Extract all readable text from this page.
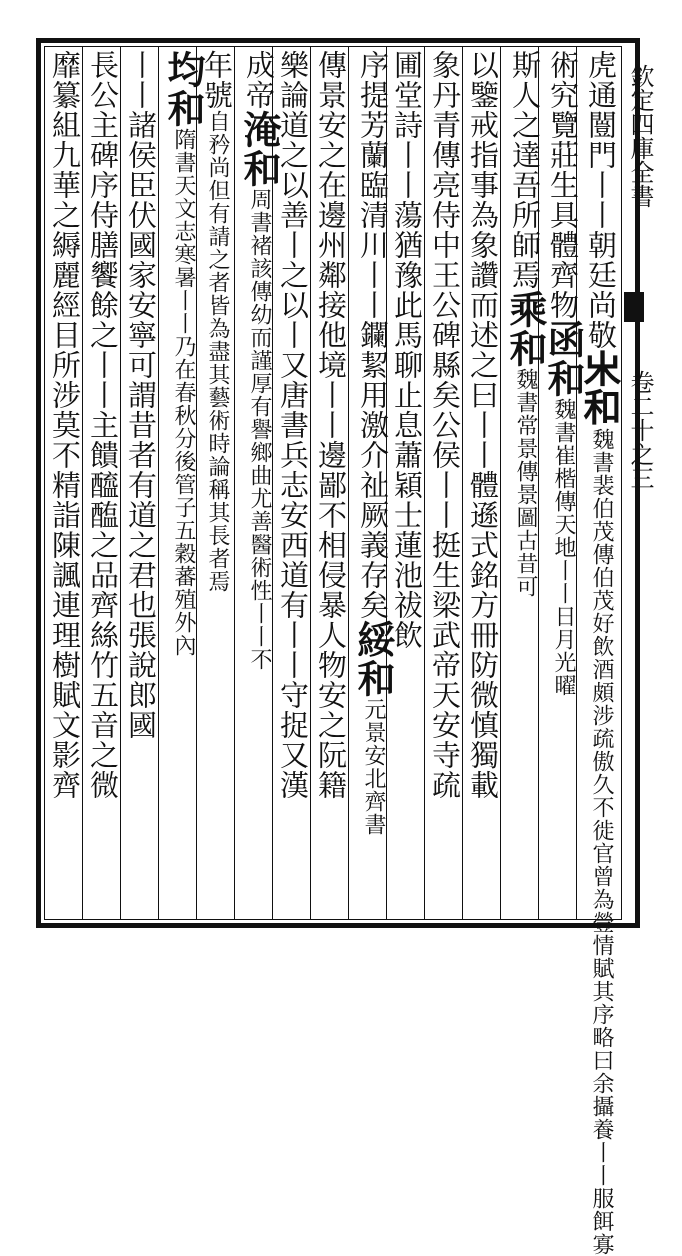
欽定四庫全書
卷二十之三
虎通闓門丨丨朝廷尚敬𣎵和魏書裴伯茂傳伯茂好飲酒頗涉疏傲久不徙官曾為䝁情賦其序略曰余攝養丨丨服餌寡
術究覽莊生具體齊物函和魏書崔楷傳天地丨丨日月光曜
斯人之達吾所師焉乘和魏書常景傳景圖古昔可
以鑒戒指事為象讚而述之曰丨丨體遜式銘方冊防微慎獨載
象丹青傳亮侍中王公碑縣矣公侯丨丨挺生梁武帝天安寺疏
圃堂詩丨丨蕩猶豫此馬聊止息蕭穎士蓮池祓飲
序提芳蘭臨清川丨丨鑭絜用激介祉厥義存矣綏和元景安北齊書
傳景安之在邊州鄰接他境丨丨邊鄙不相侵暴人物安之阮籍
樂論道之以善丨之以丨又唐書兵志安西道有丨丨守捉又漢
成帝淹和周書褚該傳幼而謹厚有譽鄉曲尤善醫術性丨丨不
年號自矜尚但有請之者皆為盡其藝術時論稱其長者焉
均和隋書天文志寒暑丨丨乃在春秋分後管子五穀蕃殖外內
丨丨諸侯臣伏國家安寧可謂昔者有道之君也張說郎國
長公主碑序侍膳饗餘之丨丨主饋醯醢之品齊絲竹五音之微
靡纂組九華之縟麗經目所涉莫不精詣陳諷連理樹賦文影齊
